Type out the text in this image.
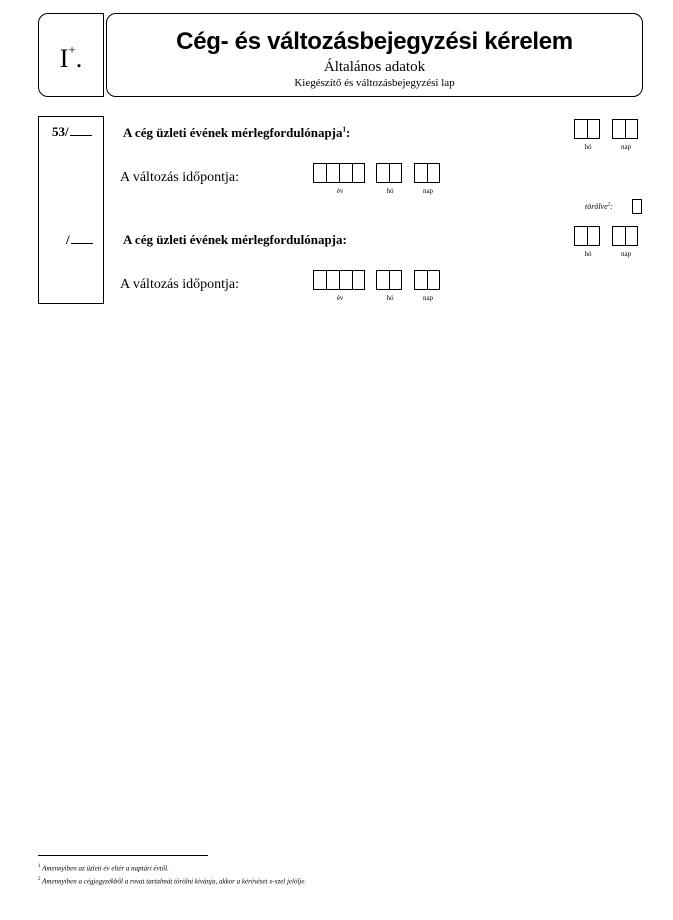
I+.
Cég- és változásbejegyzési kérelem
Általános adatok
Kiegészítő és változásbejegyzési lap
53/	A cég üzleti évének mérlegfordulónapja$^1$:
hó	nap
A változás időpontja:
év	hó	nap
törölve$^2$:
/	A cég üzleti évének mérlegfordulónapja:
hó	nap
A változás időpontja:
év	hó	nap
$^1$ Amennyiben az üzleti év eltér a naptári évtől.
$^2$ Amennyiben a cégjegyzékből a rovat tartalmát törölni kívánja, akkor a kéréséset x-szel jelölje.
